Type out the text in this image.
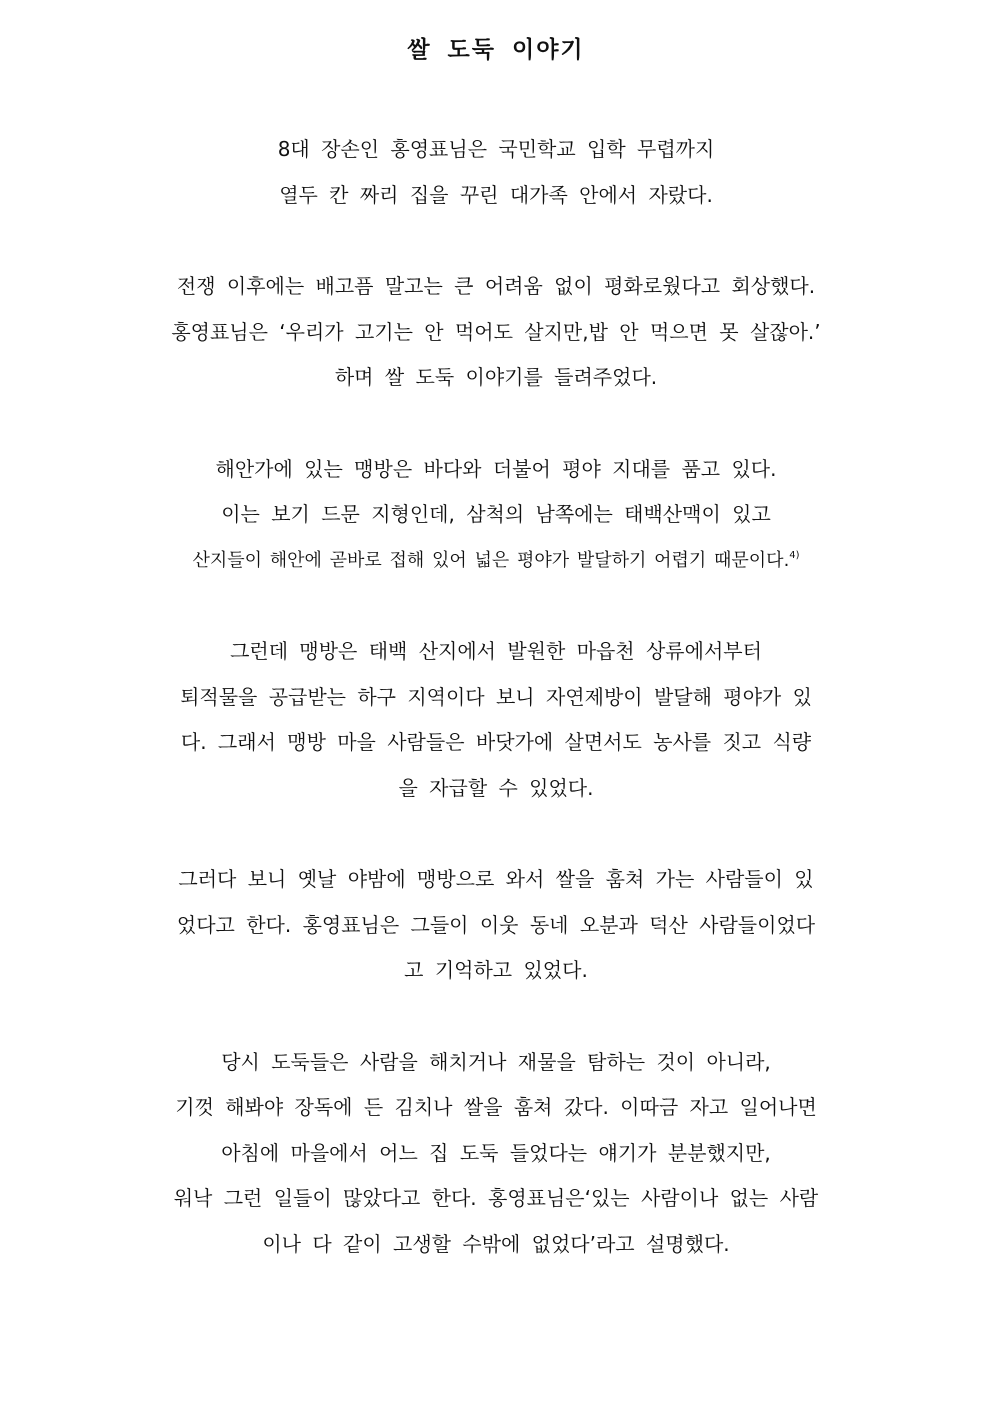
쌀 도둑 이야기
8대 장손인 홍영표님은 국민학교 입학 무렵까지
열두 칸 짜리 집을 꾸린 대가족 안에서 자랐다.
전쟁 이후에는 배고픔 말고는 큰 어려움 없이 평화로웠다고 회상했다.
홍영표님은 ‘우리가 고기는 안 먹어도 살지만,밥 안 먹으면 못 살잖아.’
하며 쌀 도둑 이야기를 들려주었다.
해안가에 있는 맹방은 바다와 더불어 평야 지대를 품고 있다.
이는 보기 드문 지형인데, 삼척의 남쪽에는 태백산맥이 있고
산지들이 해안에 곧바로 접해 있어 넓은 평야가 발달하기 어렵기 때문이다.$^{4)}$
그런데 맹방은 태백 산지에서 발원한 마읍천 상류에서부터
퇴적물을 공급받는 하구 지역이다 보니 자연제방이 발달해 평야가 있
다. 그래서 맹방 마을 사람들은 바닷가에 살면서도 농사를 짓고 식량
을 자급할 수 있었다.
그러다 보니 옛날 야밤에 맹방으로 와서 쌀을 훔쳐 가는 사람들이 있
었다고 한다. 홍영표님은 그들이 이웃 동네 오분과 덕산 사람들이었다
고 기억하고 있었다.
당시 도둑들은 사람을 해치거나 재물을 탐하는 것이 아니라,
기껏 해봐야 장독에 든 김치나 쌀을 훔쳐 갔다. 이따금 자고 일어나면
아침에 마을에서 어느 집 도둑 들었다는 얘기가 분분했지만,
워낙 그런 일들이 많았다고 한다. 홍영표님은‘있는 사람이나 없는 사람
이나 다 같이 고생할 수밖에 없었다’라고 설명했다.
